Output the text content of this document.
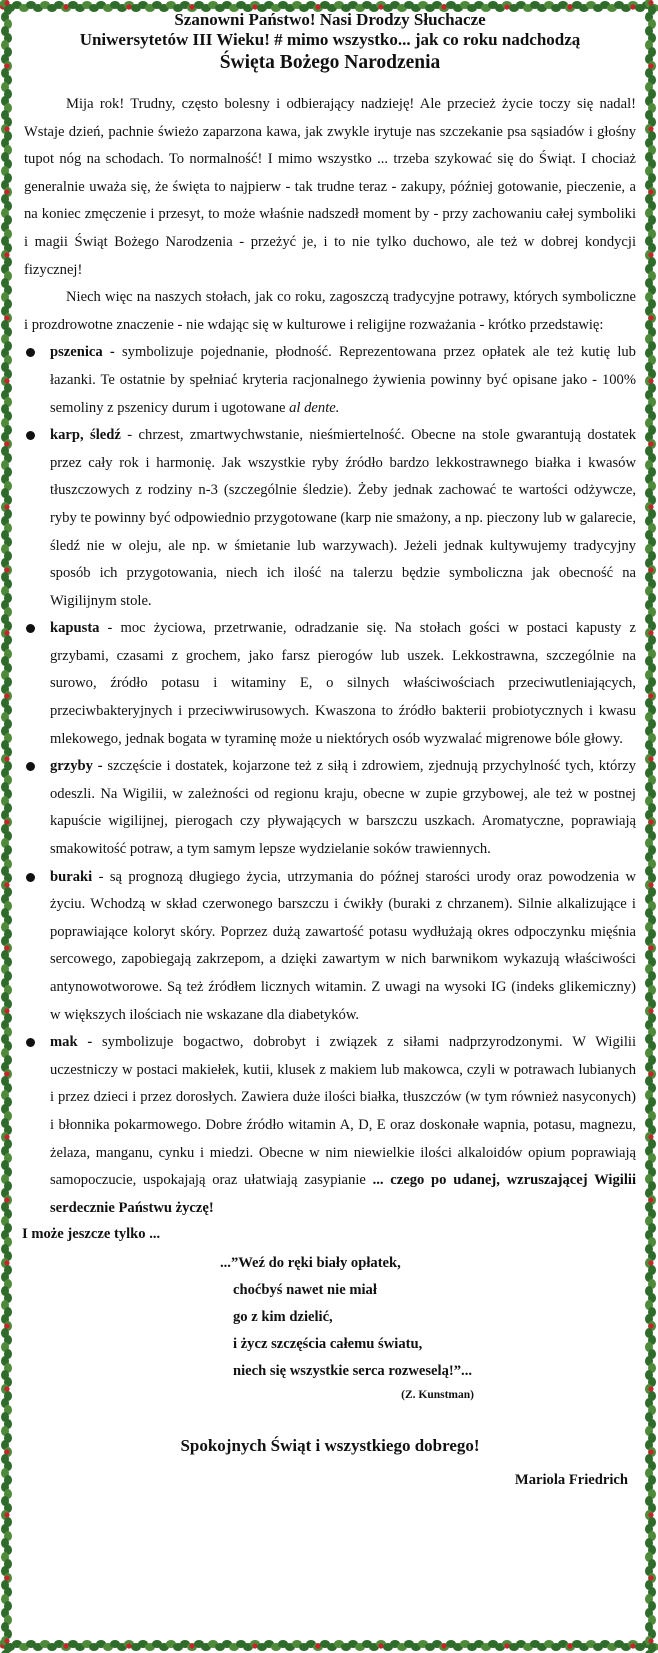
Szanowni Państwo! Nasi Drodzy Słuchacze
Uniwersytetów III Wieku! # mimo wszystko... jak co roku nadchodzą
Święta Bożego Narodzenia

Mija rok! Trudny, często bolesny i odbierający nadzieję! Ale przecież życie toczy się nadal! Wstaje dzień, pachnie świeżo zaparzona kawa, jak zwykle irytuje nas szczekanie psa sąsiadów i głośny tupot nóg na schodach. To normalność! I mimo wszystko ... trzeba szykować się do Świąt. I chociaż generalnie uważa się, że święta to najpierw - tak trudne teraz - zakupy, później gotowanie, pieczenie, a na koniec zmęczenie i przesyt, to może właśnie nadszedł moment by - przy zachowaniu całej symboliki i magii Świąt Bożego Narodzenia - przeżyć je, i to nie tylko duchowo, ale też w dobrej kondycji fizycznej!

Niech więc na naszych stołach, jak co roku, zagoszczą tradycyjne potrawy, których symboliczne i prozdrowotne znaczenie - nie wdając się w kulturowe i religijne rozważania - krótko przedstawię:

pszenica - symbolizuje pojednanie, płodność. Reprezentowana przez opłatek ale też kutię lub łazanki. Te ostatnie by spełniać kryteria racjonalnego żywienia powinny być opisane jako - 100% semoliny z pszenicy durum i ugotowane al dente.
karp, śledź - chrzest, zmartwychwstanie, nieśmiertelność. Obecne na stole gwarantują dostatek przez cały rok i harmonię. Jak wszystkie ryby źródło bardzo lekkostrawnego białka i kwasów tłuszczowych z rodziny n-3 (szczególnie śledzie). Żeby jednak zachować te wartości odżywcze, ryby te powinny być odpowiednio przygotowane (karp nie smażony, a np. pieczony lub w galarecie, śledź nie w oleju, ale np. w śmietanie lub warzywach). Jeżeli jednak kultywujemy tradycyjny sposób ich przygotowania, niech ich ilość na talerzu będzie symboliczna jak obecność na Wigilijnym stole.
kapusta - moc życiowa, przetrwanie, odradzanie się. Na stołach gości w postaci kapusty z grzybami, czasami z grochem, jako farsz pierogów lub uszek. Lekkostrawna, szczególnie na surowo, źródło potasu i witaminy E, o silnych właściwościach przeciwutleniających, przeciwbakteryjnych i przeciwwirusowych. Kwaszona to źródło bakterii probiotycznych i kwasu mlekowego, jednak bogata w tyraminę może u niektórych osób wyzwalać migrenowe bóle głowy.
grzyby - szczęście i dostatek, kojarzone też z siłą i zdrowiem, zjednują przychylność tych, którzy odeszli. Na Wigilii, w zależności od regionu kraju, obecne w zupie grzybowej, ale też w postnej kapuście wigilijnej, pierogach czy pływających w barszczu uszkach. Aromatyczne, poprawiają smakowitość potraw, a tym samym lepsze wydzielanie soków trawiennych.
buraki - są prognozą długiego życia, utrzymania do późnej starości urody oraz powodzenia w życiu. Wchodzą w skład czerwonego barszczu i ćwikły (buraki z chrzanem). Silnie alkalizujące i poprawiające koloryt skóry. Poprzez dużą zawartość potasu wydłużają okres odpoczynku mięśnia sercowego, zapobiegają zakrzepom, a dzięki zawartym w nich barwnikom wykazują właściwości antynowotworowe. Są też źródłem licznych witamin. Z uwagi na wysoki IG (indeks glikemiczny) w większych ilościach nie wskazane dla diabetyków.
mak - symbolizuje bogactwo, dobrobyt i związek z siłami nadprzyrodzonymi. W Wigilii uczestniczy w postaci makiełek, kutii, klusek z makiem lub makowca, czyli w potrawach lubianych i przez dzieci i przez dorosłych. Zawiera duże ilości białka, tłuszczów (w tym również nasyconych) i błonnika pokarmowego. Dobre źródło witamin A, D, E oraz doskonałe wapnia, potasu, magnezu, żelaza, manganu, cynku i miedzi. Obecne w nim niewielkie ilości alkaloidów opium poprawiają samopoczucie, uspokajają oraz ułatwiają zasypianie ... czego po udanej, wzruszającej Wigilii serdecznie Państwu życzę!
I może jeszcze tylko ...
...”Weź do ręki biały opłatek,
choćbyś nawet nie miał
go z kim dzielić,
i życz szczęścia całemu światu,
niech się wszystkie serca rozweselą!”...
(Z. Kunstman)
Spokojnych Świąt i wszystkiego dobrego!
Mariola Friedrich
